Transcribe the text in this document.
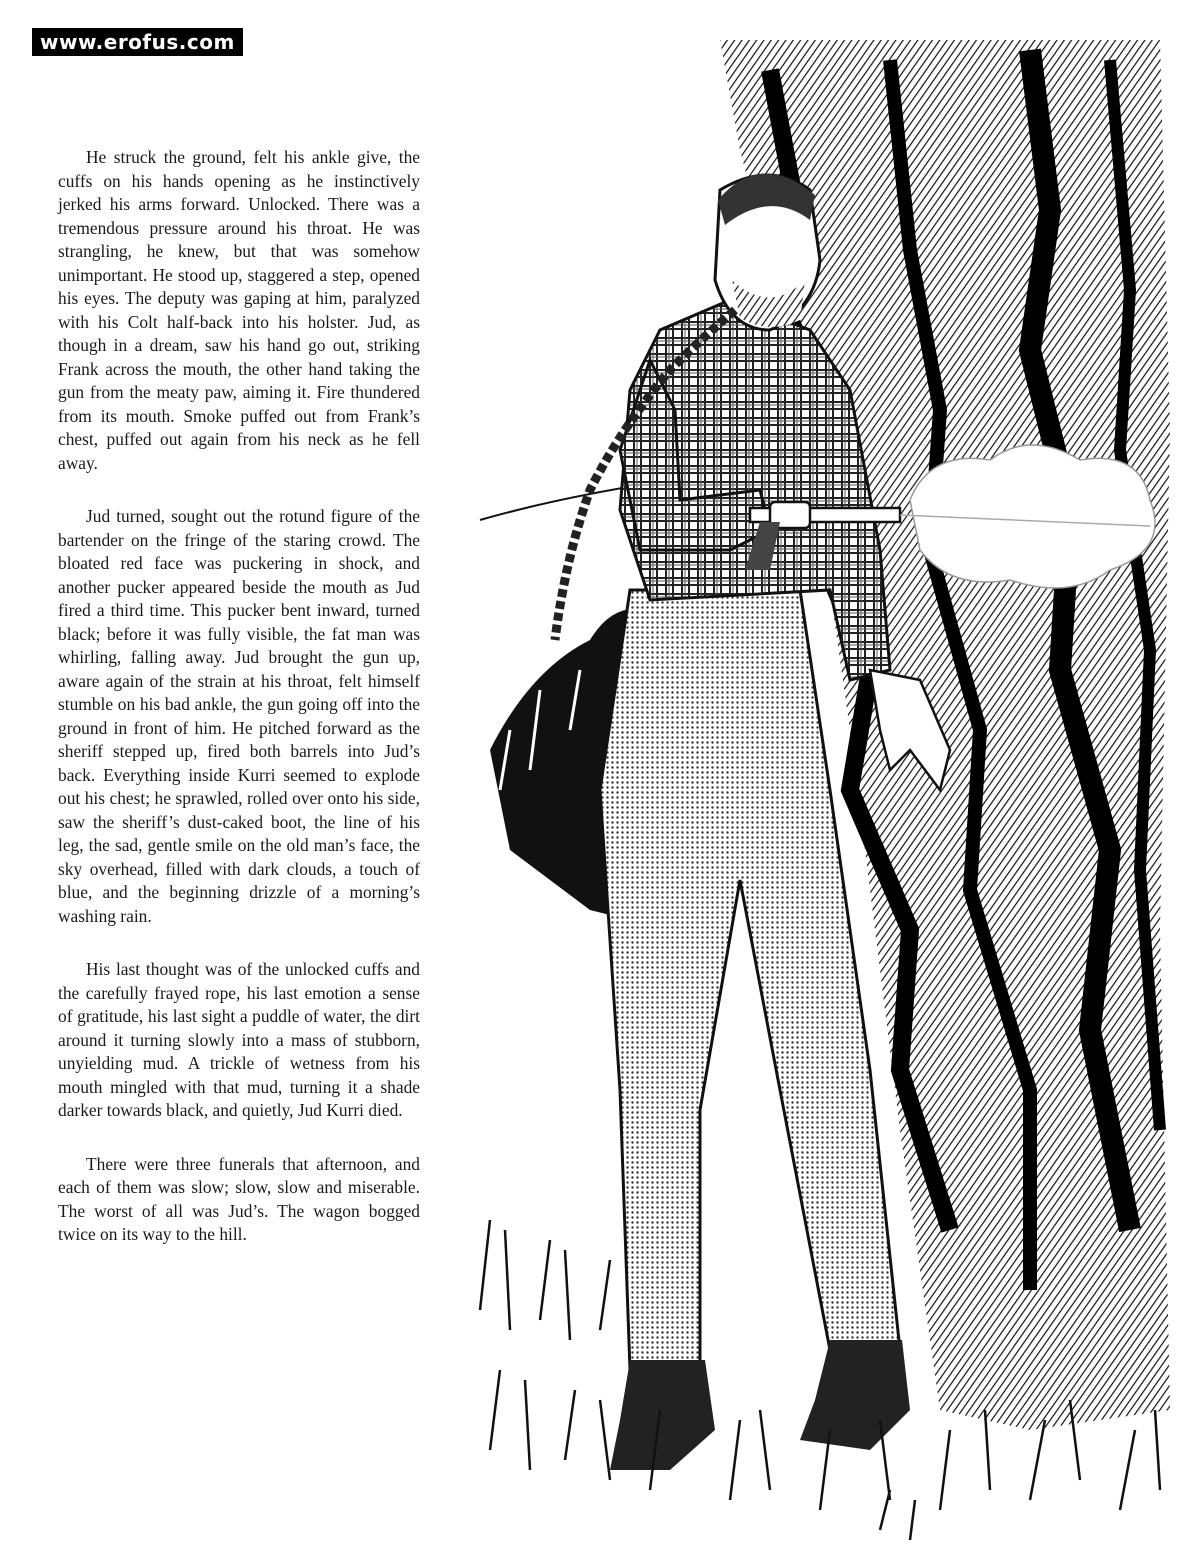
www.erofus.com

He struck the ground, felt his ankle give, the cuffs on his hands opening as he instinctively jerked his arms forward. Unlocked. There was a tremendous pressure around his throat. He was strangling, he knew, but that was somehow unimportant. He stood up, staggered a step, opened his eyes. The deputy was gaping at him, paralyzed with his Colt half-back into his holster. Jud, as though in a dream, saw his hand go out, striking Frank across the mouth, the other hand taking the gun from the meaty paw, aiming it. Fire thundered from its mouth. Smoke puffed out from Frank’s chest, puffed out again from his neck as he fell away.

Jud turned, sought out the rotund figure of the bartender on the fringe of the staring crowd. The bloated red face was puckering in shock, and another pucker appeared beside the mouth as Jud fired a third time. This pucker bent inward, turned black; before it was fully visible, the fat man was whirling, falling away. Jud brought the gun up, aware again of the strain at his throat, felt himself stumble on his bad ankle, the gun going off into the ground in front of him. He pitched forward as the sheriff stepped up, fired both barrels into Jud’s back. Everything inside Kurri seemed to explode out his chest; he sprawled, rolled over onto his side, saw the sheriff’s dust-caked boot, the line of his leg, the sad, gentle smile on the old man’s face, the sky overhead, filled with dark clouds, a touch of blue, and the beginning drizzle of a morning’s washing rain.

His last thought was of the unlocked cuffs and the carefully frayed rope, his last emotion a sense of gratitude, his last sight a puddle of water, the dirt around it turning slowly into a mass of stubborn, unyielding mud. A trickle of wetness from his mouth mingled with that mud, turning it a shade darker towards black, and quietly, Jud Kurri died.

There were three funerals that afternoon, and each of them was slow; slow, slow and miserable. The worst of all was Jud’s. The wagon bogged twice on its way to the hill.
